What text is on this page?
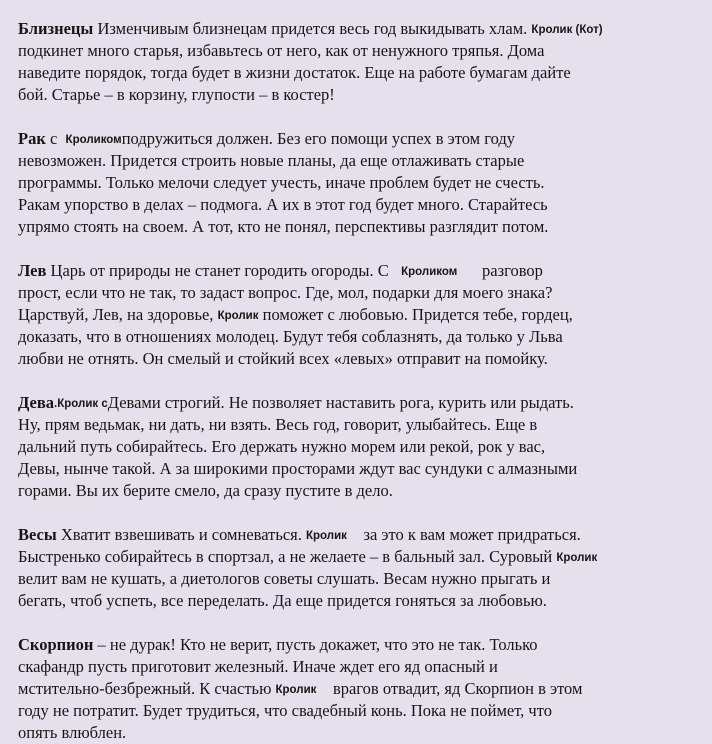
Близнецы Изменчивым близнецам придется весь год выкидывать хлам. Кролик (Кот)
подкинет много старья, избавьтесь от него, как от ненужного тряпья. Дома
наведите порядок, тогда будет в жизни достаток. Еще на работе бумагам дайте
бой. Старье – в корзину, глупости – в костер!
Рак с  Кроликомподружиться должен. Без его помощи успех в этом году
невозможен. Придется строить новые планы, да еще отлаживать старые
программы. Только мелочи следует учесть, иначе проблем будет не счесть.
Ракам упорство в делах – подмога. А их в этот год будет много. Старайтесь
упрямо стоять на своем. А тот, кто не понял, перспективы разглядит потом.
Лев Царь от природы не станет городить огороды. С   Кроликом      разговор
прост, если что не так, то задаст вопрос. Где, мол, подарки для моего знака?
Царствуй, Лев, на здоровье, Кролик поможет с любовью. Придется тебе, гордец,
доказать, что в отношениях молодец. Будут тебя соблазнять, да только у Льва
любви не отнять. Он смелый и стойкий всех «левых» отправит на помойку.
Дева.Кролик сДевами строгий. Не позволяет наставить рога, курить или рыдать.
Ну, прям ведьмак, ни дать, ни взять. Весь год, говорит, улыбайтесь. Еще в
дальний путь собирайтесь. Его держать нужно морем или рекой, рок у вас,
Девы, нынче такой. А за широкими просторами ждут вас сундуки с алмазными
горами. Вы их берите смело, да сразу пустите в дело.
Весы Хватит взвешивать и сомневаться. Кролик    за это к вам может придраться.
Быстренько собирайтесь в спортзал, а не желаете – в бальный зал. Суровый Кролик
велит вам не кушать, а диетологов советы слушать. Весам нужно прыгать и
бегать, чтоб успеть, все переделать. Да еще придется гоняться за любовью.
Скорпион – не дурак! Кто не верит, пусть докажет, что это не так. Только
скафандр пусть приготовит железный. Иначе ждет его яд опасный и
мстительно-безбрежный. К счастью Кролик    врагов отвадит, яд Скорпион в этом
году не потратит. Будет трудиться, что свадебный конь. Пока не поймет, что
опять влюблен.
